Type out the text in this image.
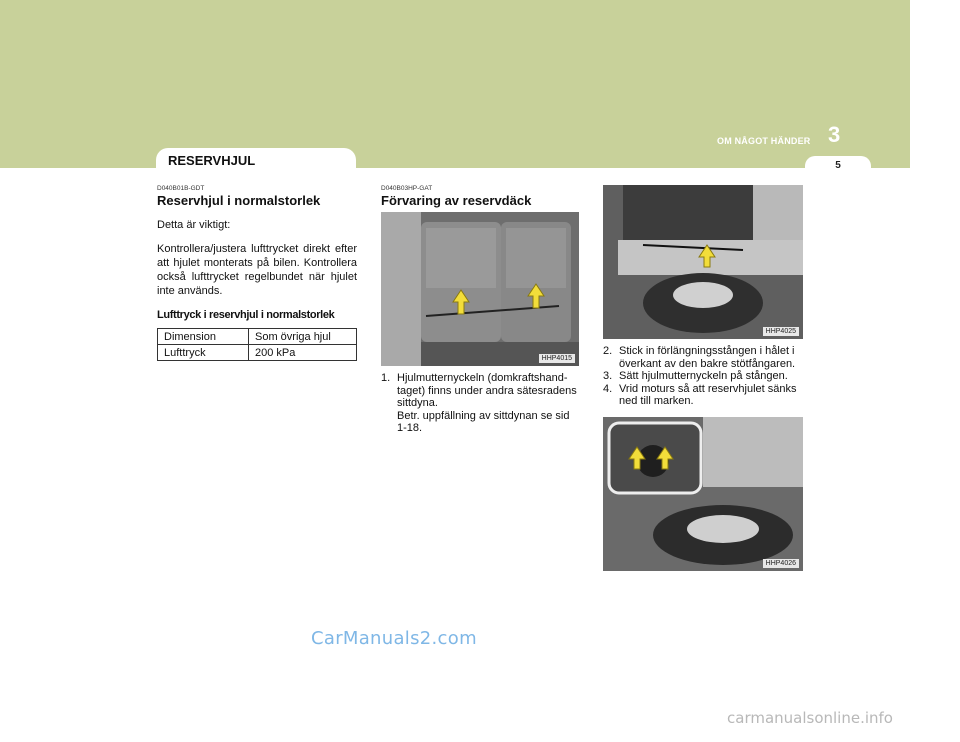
OM NÅGOT HÄNDER 3
5
RESERVHJUL
D040B01B-GDT
Reservhjul i normalstorlek

Detta är viktigt:

Kontrollera/justera lufttrycket direkt efter att hjulet monterats på bilen. Kontrollera också lufttrycket regelbundet när hjulet inte används.

Lufttryck i reservhjul i normalstorlek

Dimension	Som övriga hjul
Lufttryck	200 kPa
D040B03HP-GAT
Förvaring av reservdäck
HHP4015
1. Hjulmutternyckeln (domkraftshand-taget) finns under andra sätesradens sittdyna.
Betr. uppfällning av sittdynan se sid 1-18.
HHP4025
2. Stick in förlängningsstången i hålet i överkant av den bakre stötfångaren.
3. Sätt hjulmutternyckeln på stången.
4. Vrid moturs så att reservhjulet sänks ned till marken.
HHP4026
CarManuals2.com
carmanualsonline.info
